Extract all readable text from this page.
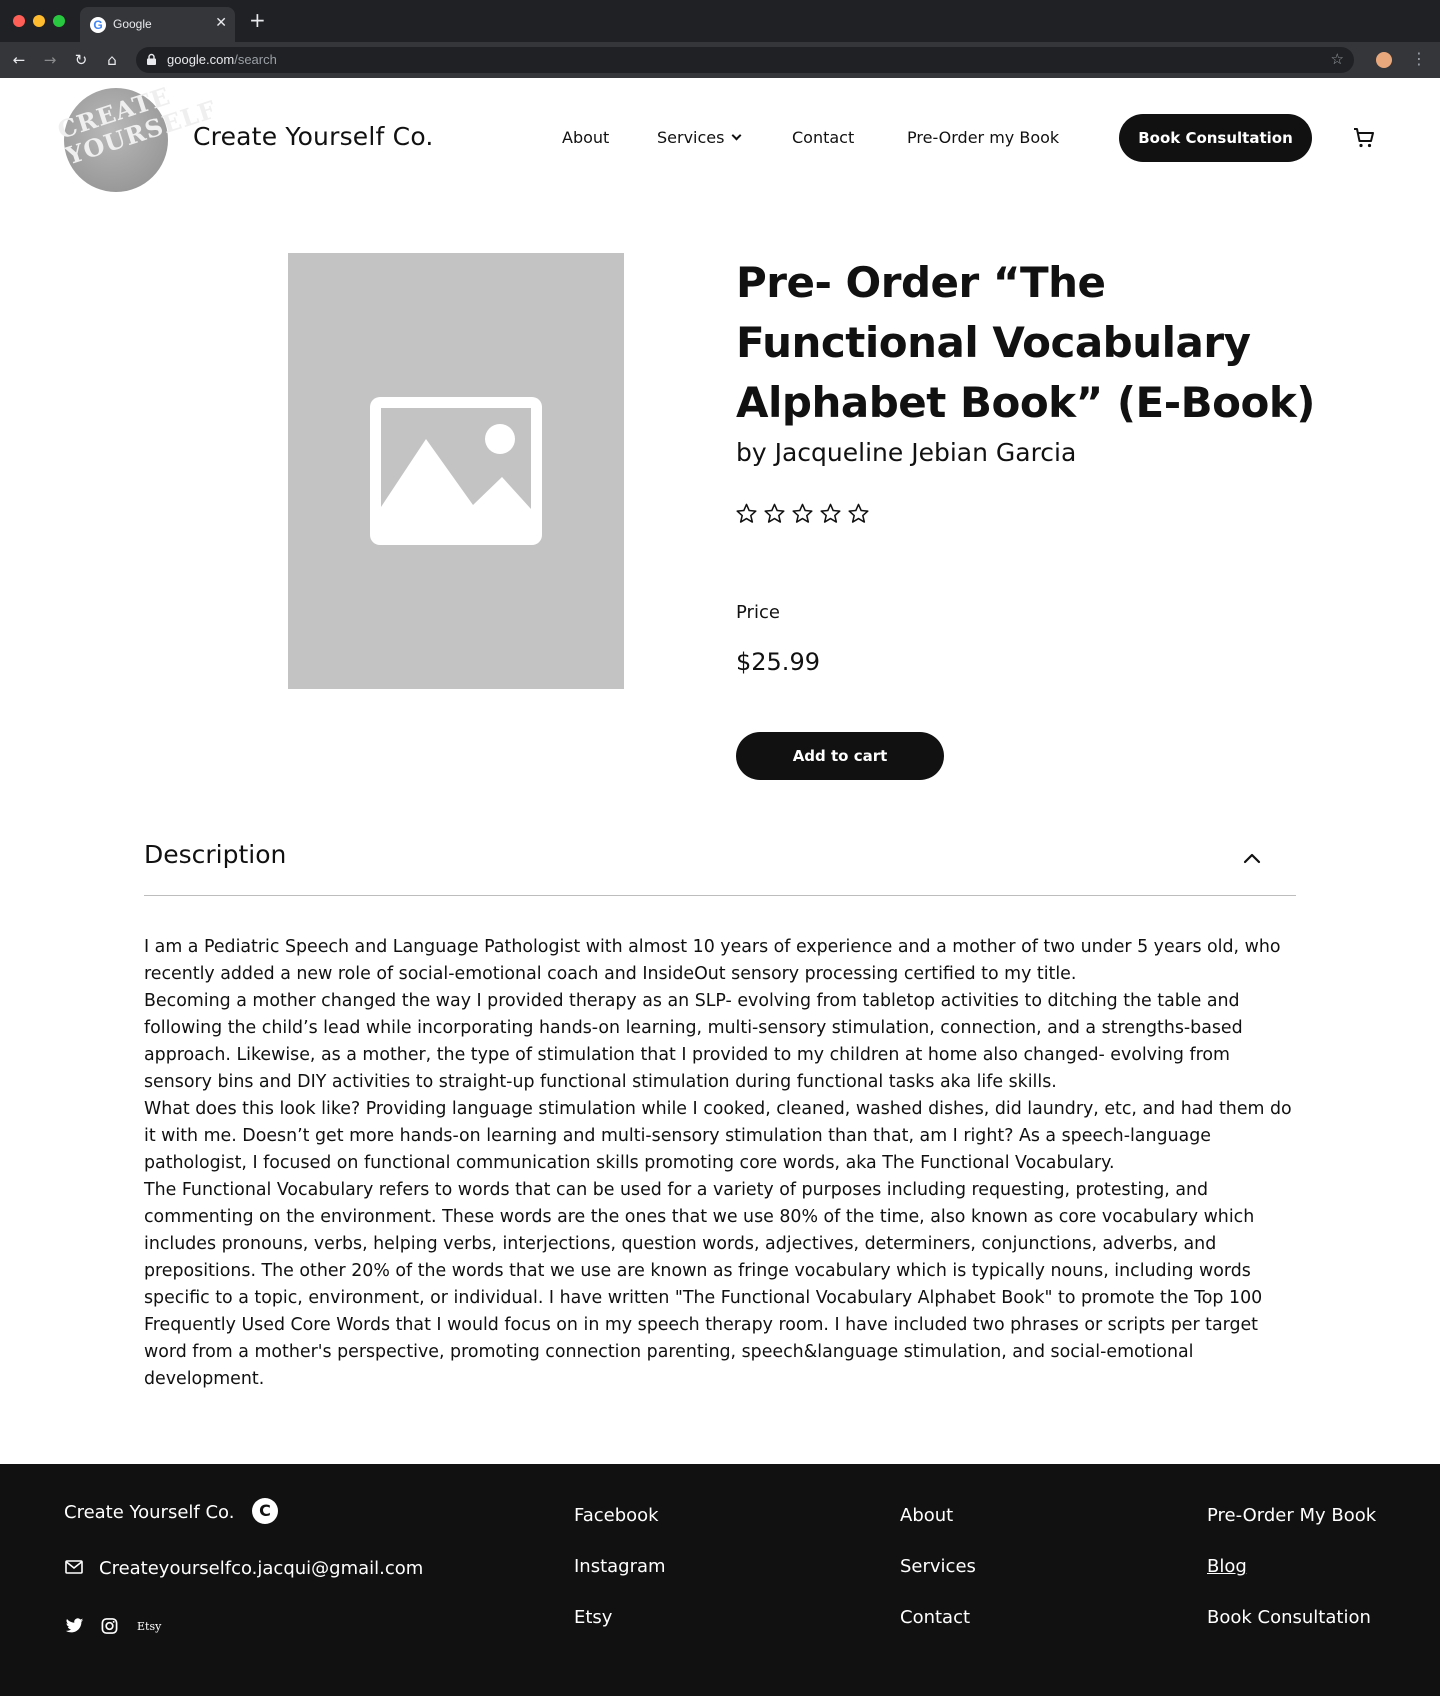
G Google	✕ +
←	→	↻	⌂	google.com/search	☆	⋮
CREATE YOURSELF
Create Yourself Co.	About	Services	Contact	Pre-Order my Book	Book Consultation
Pre- Order “The Functional Vocabulary Alphabet Book” (E-Book)
by Jacqueline Jebian Garcia
Price
$25.99
Add to cart
Description

I am a Pediatric Speech and Language Pathologist with almost 10 years of experience and a mother of two under 5 years old, who recently added a new role of social-emotional coach and InsideOut sensory processing certified to my title.

Becoming a mother changed the way I provided therapy as an SLP- evolving from tabletop activities to ditching the table and following the child’s lead while incorporating hands-on learning, multi-sensory stimulation, connection, and a strengths-based approach. Likewise, as a mother, the type of stimulation that I provided to my children at home also changed- evolving from sensory bins and DIY activities to straight-up functional stimulation during functional tasks aka life skills.

What does this look like? Providing language stimulation while I cooked, cleaned, washed dishes, did laundry, etc, and had them do it with me. Doesn’t get more hands-on learning and multi-sensory stimulation than that, am I right? As a speech-language pathologist, I focused on functional communication skills promoting core words, aka The Functional Vocabulary.

The Functional Vocabulary refers to words that can be used for a variety of purposes including requesting, protesting, and commenting on the environment. These words are the ones that we use 80% of the time, also known as core vocabulary which includes pronouns, verbs, helping verbs, interjections, question words, adjectives, determiners, conjunctions, adverbs, and prepositions. The other 20% of the words that we use are known as fringe vocabulary which is typically nouns, including words specific to a topic, environment, or individual. I have written "The Functional Vocabulary Alphabet Book" to promote the Top 100 Frequently Used Core Words that I would focus on in my speech therapy room. I have included two phrases or scripts per target word from a mother's perspective, promoting connection parenting, speech&language stimulation, and social-emotional development.

Create Yourself Co.	C
Createyourselfco.jacqui@gmail.com
Etsy
Facebook
Instagram
Etsy
About
Services
Contact
Pre-Order My Book
Blog
Book Consultation
